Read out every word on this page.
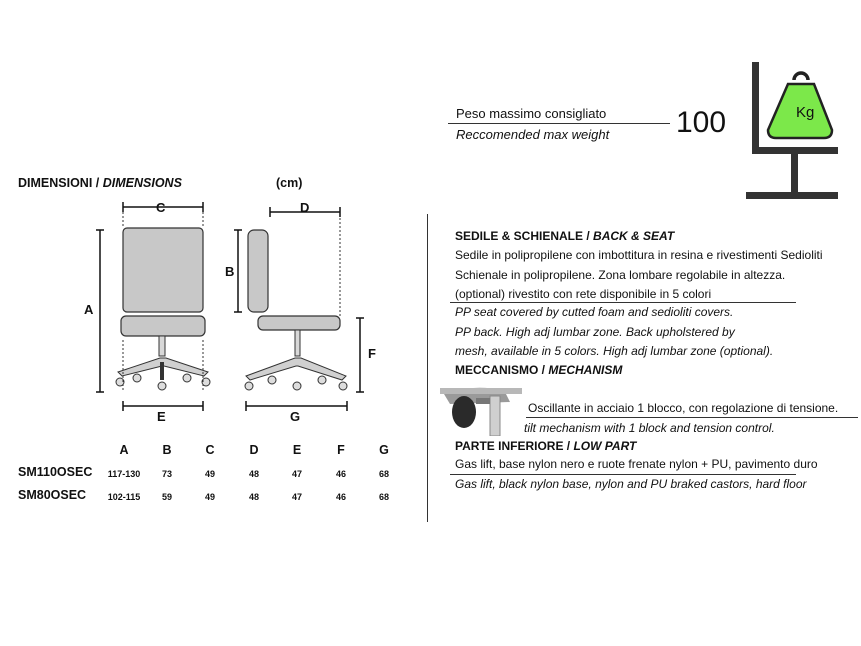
DIMENSIONI / DIMENSIONS	(cm)
C
A
E
D
B
F
G
A	B	C	D	E	F	G
SM110OSEC	117-130	73	49	48	47	46	68
SM80OSEC	102-115	59	49	48	47	46	68
Peso massimo consigliato
Reccomended max weight 100	Kg
SEDILE & SCHIENALE / BACK & SEAT
Sedile in polipropilene con imbottitura in resina e rivestimenti Sedioliti
Schienale in polipropilene. Zona lombare regolabile in altezza.
(optional) rivestito con rete disponibile in 5 colori
PP seat covered by cutted foam and sedioliti covers.
PP back. High adj lumbar zone. Back upholstered by
mesh, available in 5 colors. High adj lumbar zone (optional).
MECCANISMO / MECHANISM
Oscillante in acciaio 1 blocco, con regolazione di tensione.
tilt mechanism with 1 block and tension control.
PARTE INFERIORE / LOW PART
Gas lift, base nylon nero e ruote frenate nylon + PU, pavimento duro
Gas lift, black nylon base, nylon and PU braked castors, hard floor
